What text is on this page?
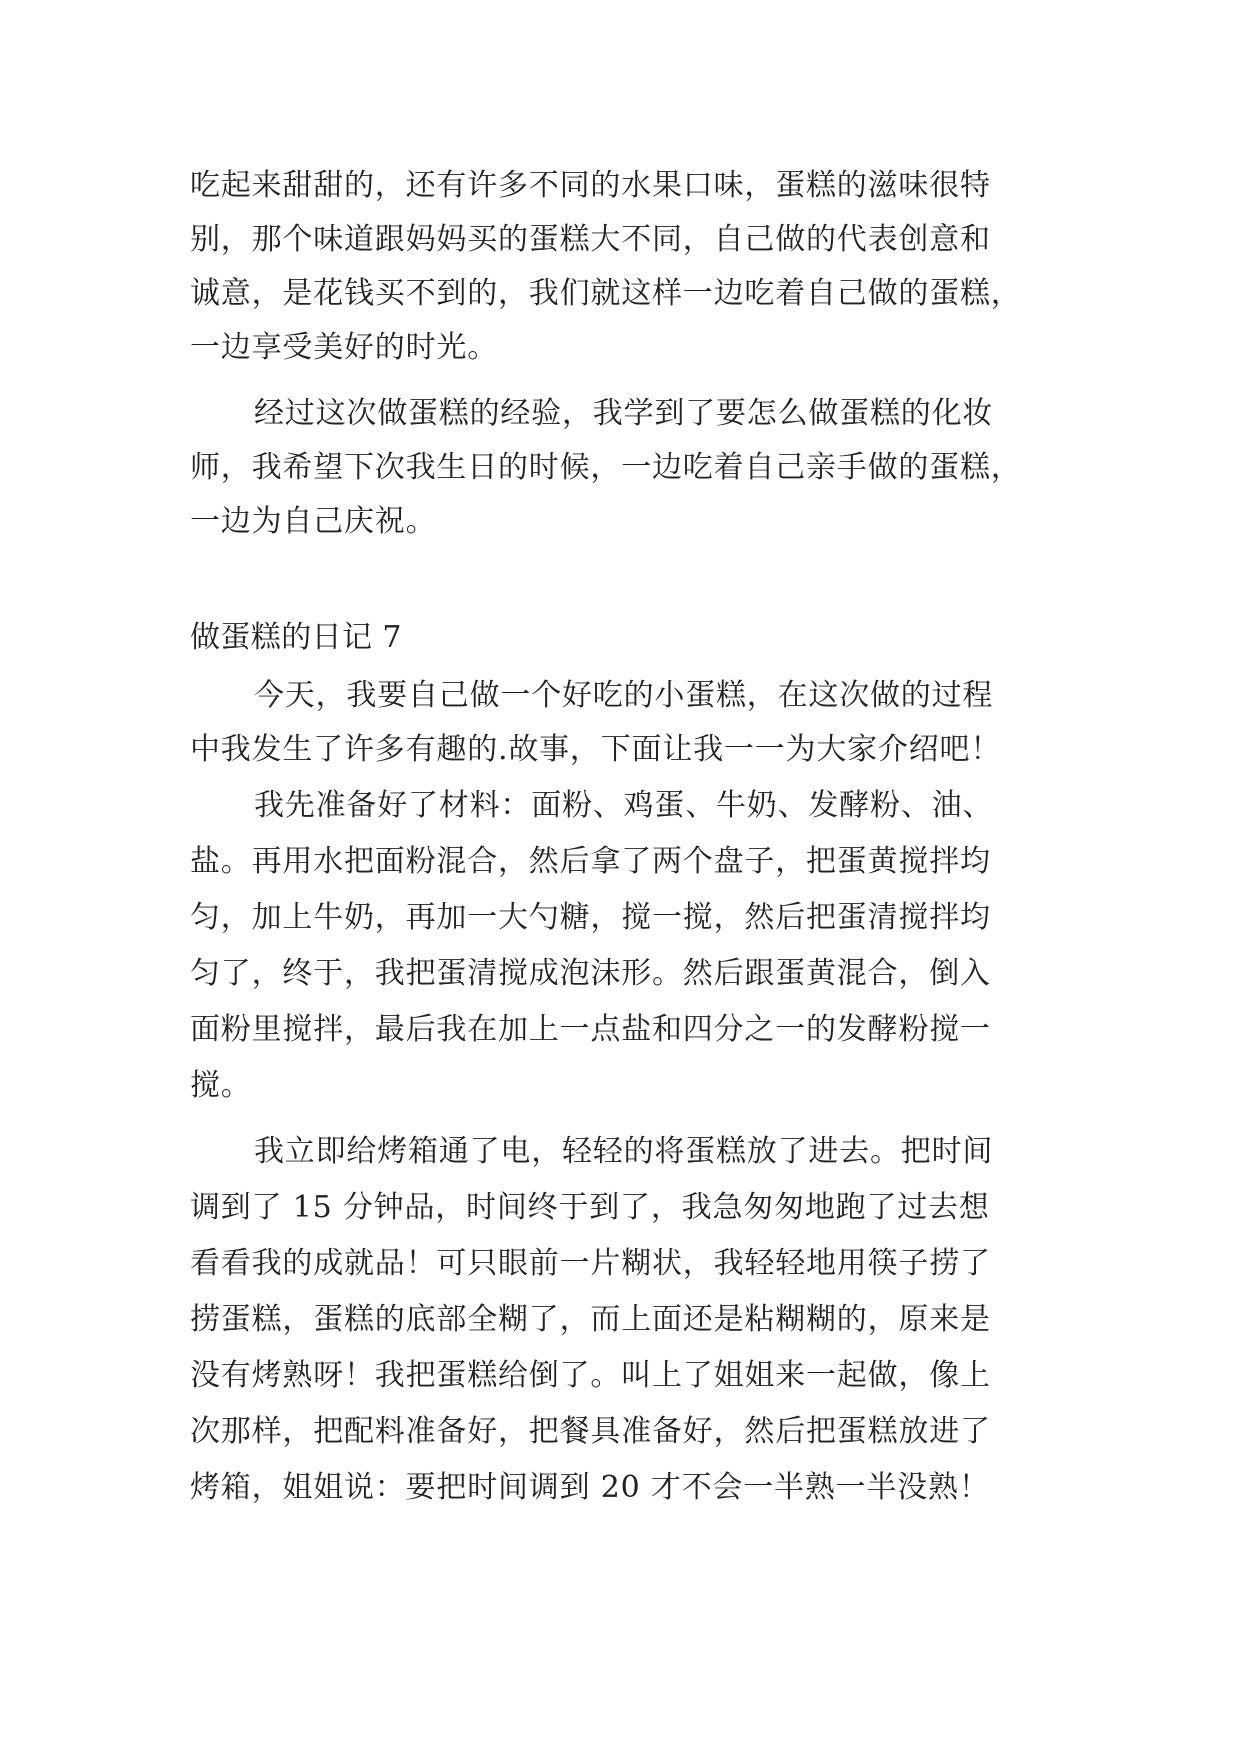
吃起来甜甜的，还有许多不同的水果口味，蛋糕的滋味很特
别，那个味道跟妈妈买的蛋糕大不同，自己做的代表创意和
诚意，是花钱买不到的，我们就这样一边吃着自己做的蛋糕，
一边享受美好的时光。
经过这次做蛋糕的经验，我学到了要怎么做蛋糕的化妆
师，我希望下次我生日的时候，一边吃着自己亲手做的蛋糕，
一边为自己庆祝。
做蛋糕的日记 7
今天，我要自己做一个好吃的小蛋糕，在这次做的过程
中我发生了许多有趣的.故事，下面让我一一为大家介绍吧！
我先准备好了材料：面粉、鸡蛋、牛奶、发酵粉、油、
盐。再用水把面粉混合，然后拿了两个盘子，把蛋黄搅拌均
匀，加上牛奶，再加一大勺糖，搅一搅，然后把蛋清搅拌均
匀了，终于，我把蛋清搅成泡沫形。然后跟蛋黄混合，倒入
面粉里搅拌，最后我在加上一点盐和四分之一的发酵粉搅一
搅。
我立即给烤箱通了电，轻轻的将蛋糕放了进去。把时间
调到了 15 分钟品，时间终于到了，我急匆匆地跑了过去想
看看我的成就品！可只眼前一片糊状，我轻轻地用筷子捞了
捞蛋糕，蛋糕的底部全糊了，而上面还是粘糊糊的，原来是
没有烤熟呀！我把蛋糕给倒了。叫上了姐姐来一起做，像上
次那样，把配料准备好，把餐具准备好，然后把蛋糕放进了
烤箱，姐姐说：要把时间调到 20 才不会一半熟一半没熟！
